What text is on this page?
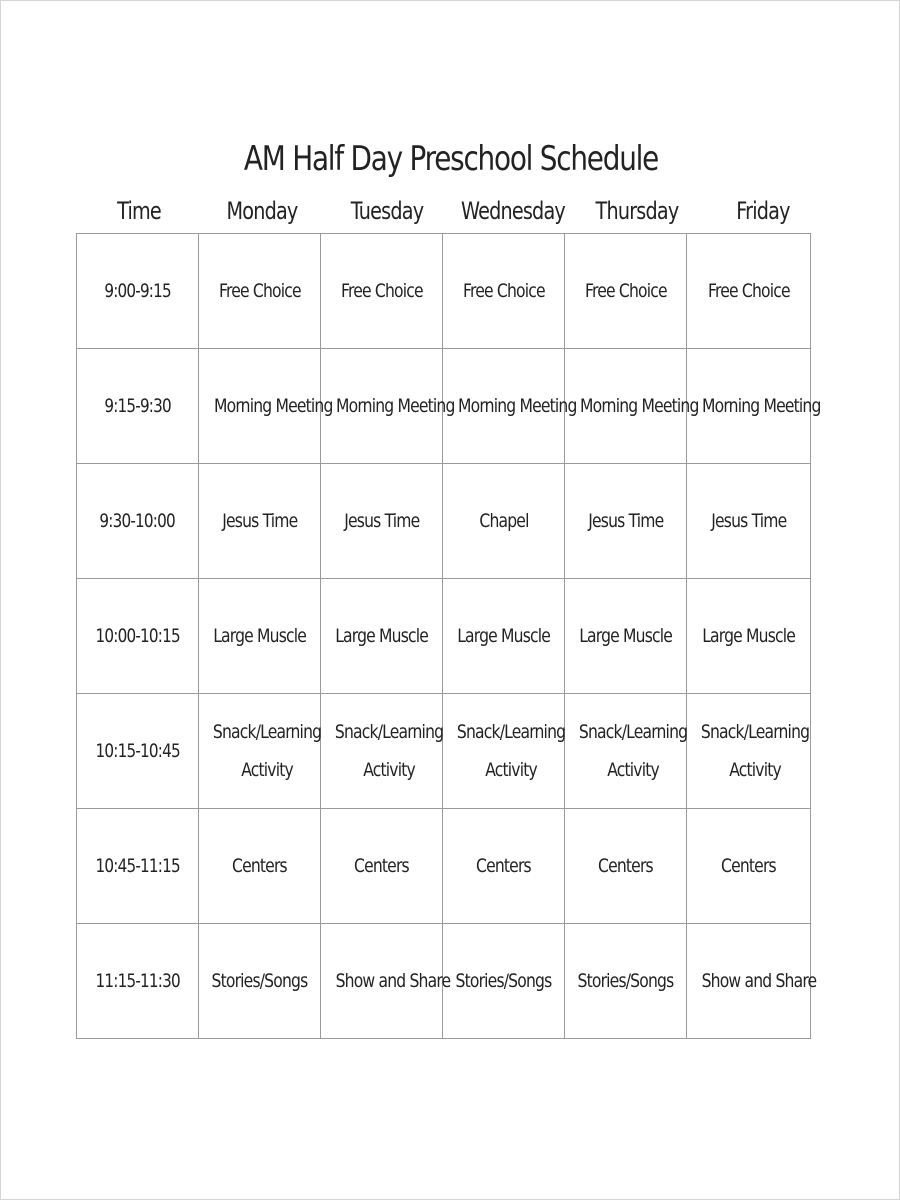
AM Half Day Preschool Schedule
Time	Monday	Tuesday	Wednesday	Thursday	Friday
9:00-9:15	Free Choice	Free Choice	Free Choice	Free Choice	Free Choice
9:15-9:30	Morning Meeting	Morning Meeting	Morning Meeting	Morning Meeting	Morning Meeting
9:30-10:00	Jesus Time	Jesus Time	Chapel	Jesus Time	Jesus Time
10:00-10:15	Large Muscle	Large Muscle	Large Muscle	Large Muscle	Large Muscle
10:15-10:45	Snack/Learning
Activity	Snack/Learning
Activity	Snack/Learning
Activity	Snack/Learning
Activity	Snack/Learning
Activity
10:45-11:15	Centers	Centers	Centers	Centers	Centers
11:15-11:30	Stories/Songs	Show and Share	Stories/Songs	Stories/Songs	Show and Share
